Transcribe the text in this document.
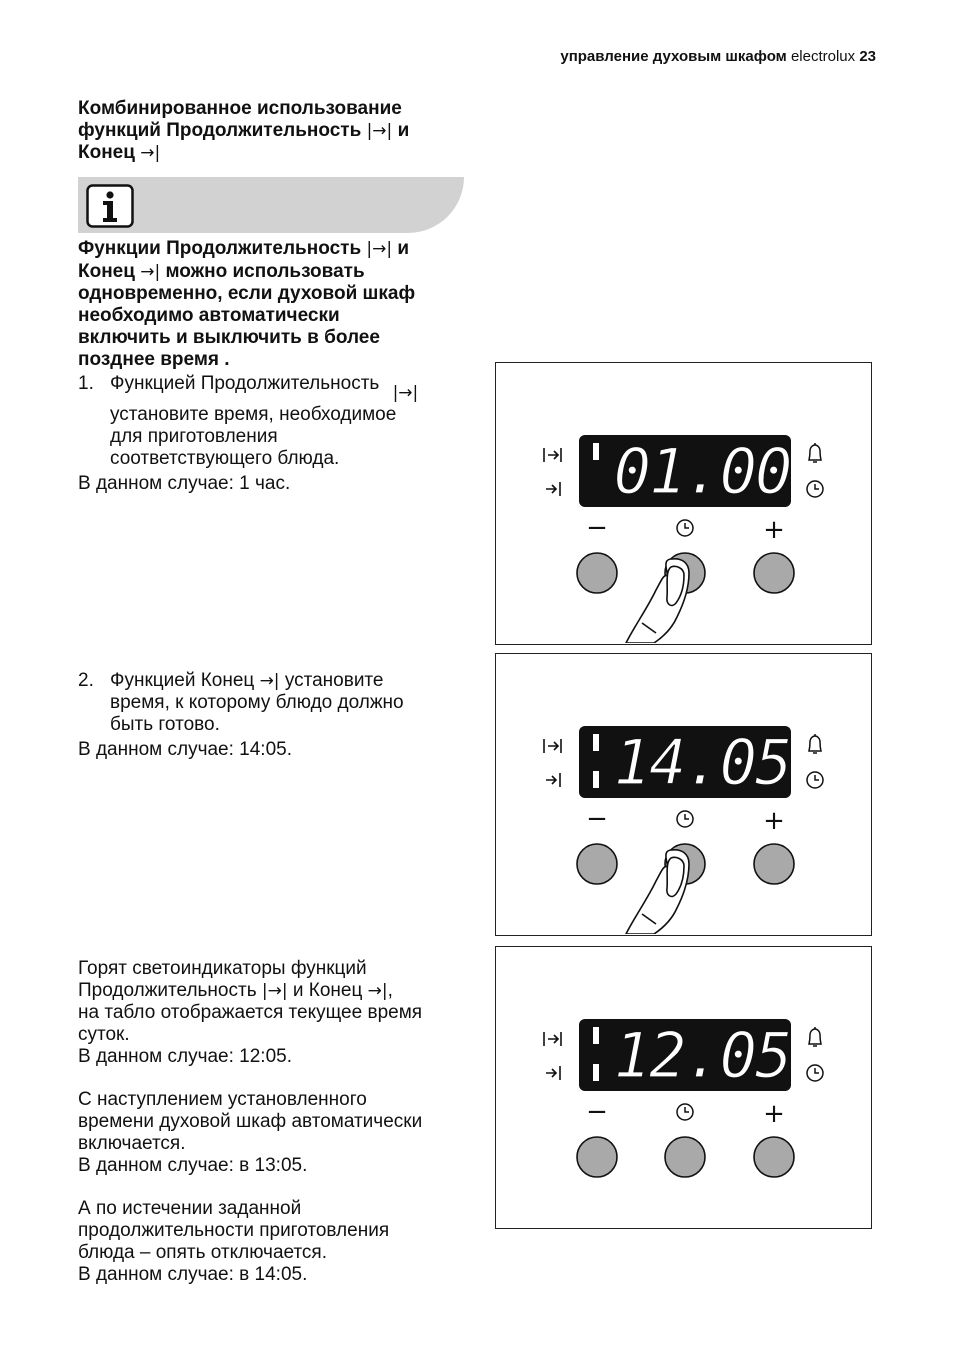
управление духовым шкафом electrolux 23
Комбинированное использование
функций Продолжительность |→| и
Конец →|
Функции Продолжительность |→| и
Конец →| можно использовать
одновременно, если духовой шкаф
необходимо автоматически
включить и выключить в более
позднее время .
1. Функцией Продолжительность |→|
установите время, необходимое
для приготовления
соответствующего блюда.
В данном случае: 1 час.
2. Функцией Конец →| установите
время, к которому блюдо должно
быть готово.
В данном случае: 14:05.
Горят светоиндикаторы функций
Продолжительность |→| и Конец →|,
на табло отображается текущее время
суток.
В данном случае: 12:05.
С наступлением установленного
времени духовой шкаф автоматически
включается.
В данном случае: в 13:05.
А по истечении заданной
продолжительности приготовления
блюда – опять отключается.
В данном случае: в 14:05.
01.00
−	+
14.05
−	+
12.05
−	+
